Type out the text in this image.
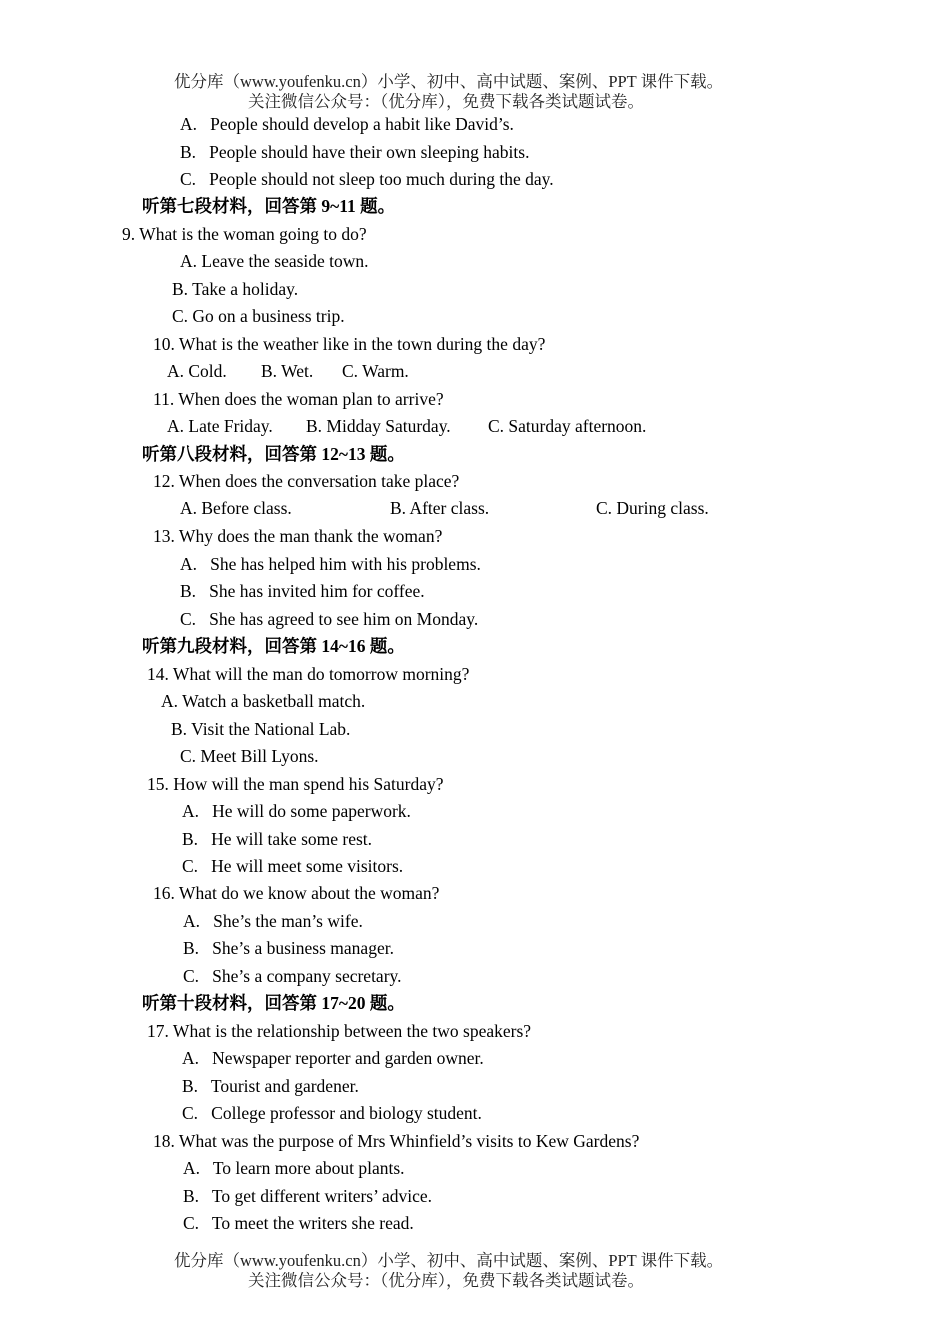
优分库（www.youfenku.cn）小学、初中、高中试题、案例、PPT 课件下载。
关注微信公众号：（优分库），免费下载各类试题试卷。
A.   People should develop a habit like David’s.
B.   People should have their own sleeping habits.
C.   People should not sleep too much during the day.
听第七段材料，回答第 9~11 题。
9. What is the woman going to do?
A. Leave the seaside town.
B. Take a holiday.
C. Go on a business trip.
10. What is the weather like in the town during the day?
A. Cold. B. Wet. C. Warm.
11. When does the woman plan to arrive?
A. Late Friday. B. Midday Saturday. C. Saturday afternoon.
听第八段材料，回答第 12~13 题。
12. When does the conversation take place?
A. Before class.	B. After class.	C. During class.
13. Why does the man thank the woman?
A.   She has helped him with his problems.
B.   She has invited him for coffee.
C.   She has agreed to see him on Monday.
听第九段材料，回答第 14~16 题。
14. What will the man do tomorrow morning?
A. Watch a basketball match.
B. Visit the National Lab.
C. Meet Bill Lyons.
15. How will the man spend his Saturday?
A.   He will do some paperwork.
B.   He will take some rest.
C.   He will meet some visitors.
16. What do we know about the woman?
A.   She’s the man’s wife.
B.   She’s a business manager.
C.   She’s a company secretary.
听第十段材料，回答第 17~20 题。
17. What is the relationship between the two speakers?
A.   Newspaper reporter and garden owner.
B.   Tourist and gardener.
C.   College professor and biology student.
18. What was the purpose of Mrs Whinfield’s visits to Kew Gardens?
A.   To learn more about plants.
B.   To get different writers’ advice.
C.   To meet the writers she read.
优分库（www.youfenku.cn）小学、初中、高中试题、案例、PPT 课件下载。
关注微信公众号：（优分库），免费下载各类试题试卷。
